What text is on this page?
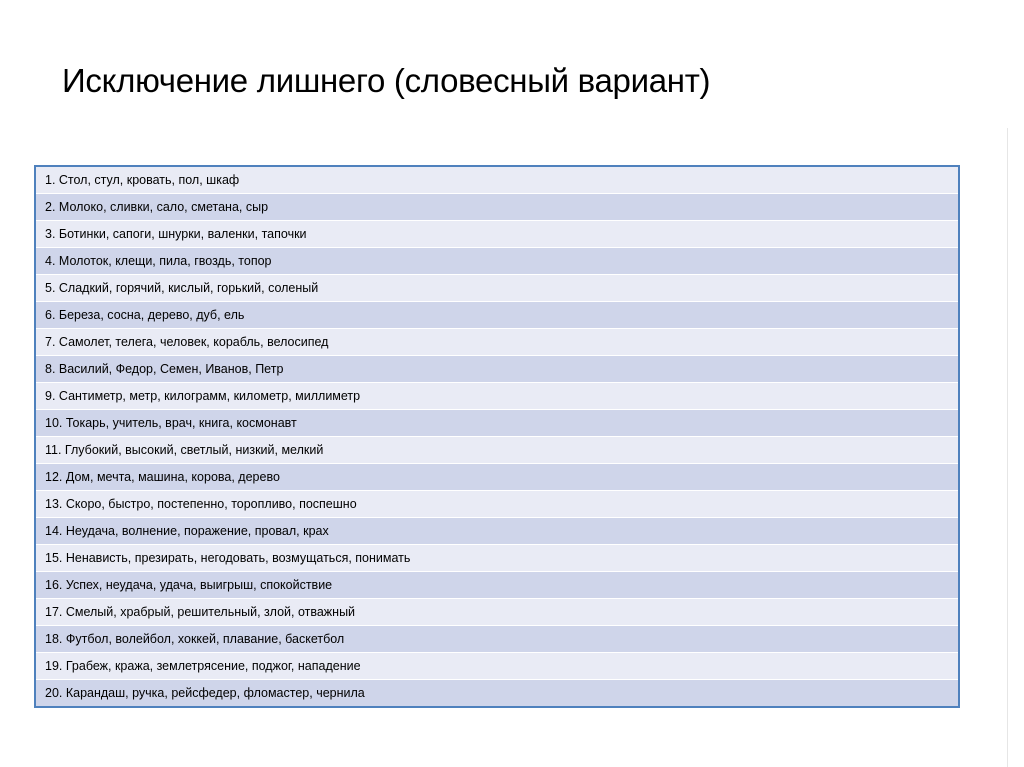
Исключение лишнего (словесный вариант)
1. Стол, стул, кровать, пол, шкаф
2. Молоко, сливки, сало, сметана, сыр
3. Ботинки, сапоги, шнурки, валенки, тапочки
4. Молоток, клещи, пила, гвоздь, топор
5. Сладкий, горячий, кислый, горький, соленый
6. Береза, сосна, дерево, дуб, ель
7. Самолет, телега, человек, корабль, велосипед
8. Василий, Федор, Семен, Иванов, Петр
9. Сантиметр, метр, килограмм, километр, миллиметр
10. Токарь, учитель, врач, книга, космонавт
11. Глубокий, высокий, светлый, низкий, мелкий
12. Дом, мечта, машина, корова, дерево
13. Скоро, быстро, постепенно, торопливо, поспешно
14. Неудача, волнение, поражение, провал, крах
15. Ненависть, презирать, негодовать, возмущаться, понимать
16. Успех, неудача, удача, выигрыш, спокойствие
17. Смелый, храбрый, решительный, злой, отважный
18. Футбол, волейбол, хоккей, плавание, баскетбол
19. Грабеж, кража, землетрясение, поджог, нападение
20. Карандаш, ручка, рейсфедер, фломастер, чернила
